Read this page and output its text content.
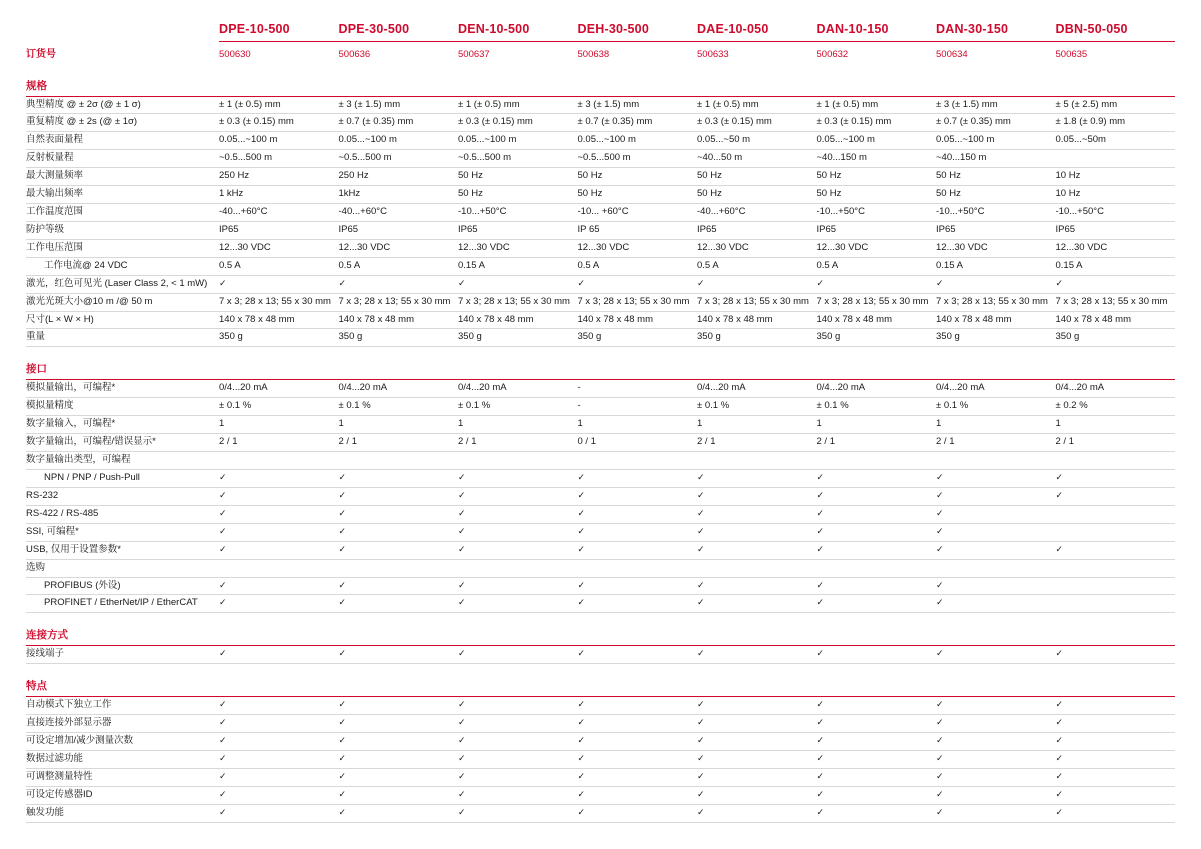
	DPE-10-500	DPE-30-500	DEN-10-500	DEH-30-500	DAE-10-050	DAN-10-150	DAN-30-150	DBN-50-050
订货号	500630	500636	500637	500638	500633	500632	500634	500635
规格								
典型精度 @ ± 2σ (@ ± 1 σ)	± 1 (± 0.5) mm	± 3 (± 1.5) mm	± 1 (± 0.5) mm	± 3 (± 1.5) mm	± 1 (± 0.5) mm	± 1 (± 0.5) mm	± 3 (± 1.5) mm	± 5 (± 2.5) mm
重复精度 @ ± 2s (@ ± 1σ)	± 0.3 (± 0.15) mm	± 0.7 (± 0.35) mm	± 0.3 (± 0.15) mm	± 0.7 (± 0.35) mm	± 0.3 (± 0.15) mm	± 0.3 (± 0.15) mm	± 0.7 (± 0.35) mm	± 1.8 (± 0.9) mm
自然表面量程	0.05...~100 m	0.05...~100 m	0.05...~100 m	0.05...~100 m	0.05...~50 m	0.05...~100 m	0.05...~100 m	0.05...~50m
反射板量程	~0.5...500 m	~0.5...500 m	~0.5...500 m	~0.5...500 m	~40...50 m	~40...150 m	~40...150 m	
最大测量频率	250 Hz	250 Hz	50 Hz	50 Hz	50 Hz	50 Hz	50 Hz	10 Hz
最大输出频率	1 kHz	1kHz	50 Hz	50 Hz	50 Hz	50 Hz	50 Hz	10 Hz
工作温度范围	-40...+60°C	-40...+60°C	-10...+50°C	-10... +60°C	-40...+60°C	-10...+50°C	-10...+50°C	-10...+50°C
防护等级	IP65	IP65	IP65	IP 65	IP65	IP65	IP65	IP65
工作电压范围	12...30 VDC	12...30 VDC	12...30 VDC	12...30 VDC	12...30 VDC	12...30 VDC	12...30 VDC	12...30 VDC
工作电流@ 24 VDC	0.5 A	0.5 A	0.15 A	0.5 A	0.5 A	0.5 A	0.15 A	0.15 A
激光，红色可见光 (Laser Class 2, < 1 mW)	✓	✓	✓	✓	✓	✓	✓	✓
激光光斑大小@10 m /@ 50 m	7 x 3; 28 x 13; 55 x 30 mm	7 x 3; 28 x 13; 55 x 30 mm	7 x 3; 28 x 13; 55 x 30 mm	7 x 3; 28 x 13; 55 x 30 mm	7 x 3; 28 x 13; 55 x 30 mm	7 x 3; 28 x 13; 55 x 30 mm	7 x 3; 28 x 13; 55 x 30 mm	7 x 3; 28 x 13; 55 x 30 mm
尺寸(L × W × H)	140 x 78 x 48 mm	140 x 78 x 48 mm	140 x 78 x 48 mm	140 x 78 x 48 mm	140 x 78 x 48 mm	140 x 78 x 48 mm	140 x 78 x 48 mm	140 x 78 x 48 mm
重量	350 g	350 g	350 g	350 g	350 g	350 g	350 g	350 g
接口								
模拟量输出，可编程*	0/4...20 mA	0/4...20 mA	0/4...20 mA	-	0/4...20 mA	0/4...20 mA	0/4...20 mA	0/4...20 mA
模拟量精度	± 0.1 %	± 0.1 %	± 0.1 %	-	± 0.1 %	± 0.1 %	± 0.1 %	± 0.2 %
数字量输入，可编程*	1	1	1	1	1	1	1	1
数字量输出，可编程/错误显示*	2 / 1	2 / 1	2 / 1	0 / 1	2 / 1	2 / 1	2 / 1	2 / 1
数字量输出类型，可编程								
NPN / PNP / Push-Pull	✓	✓	✓	✓	✓	✓	✓	✓
RS-232	✓	✓	✓	✓	✓	✓	✓	✓
RS-422 / RS-485	✓	✓	✓	✓	✓	✓	✓	
SSI, 可编程*	✓	✓	✓	✓	✓	✓	✓	
USB, 仅用于设置参数*	✓	✓	✓	✓	✓	✓	✓	✓
选购								
PROFIBUS (外设)	✓	✓	✓	✓	✓	✓	✓	
PROFINET / EtherNet/IP / EtherCAT	✓	✓	✓	✓	✓	✓	✓	
连接方式
接线端子	✓	✓	✓	✓	✓	✓	✓	✓
特点								
自动模式下独立工作	✓	✓	✓	✓	✓	✓	✓	✓
直接连接外部显示器	✓	✓	✓	✓	✓	✓	✓	✓
可设定增加/减少测量次数	✓	✓	✓	✓	✓	✓	✓	✓
数据过滤功能	✓	✓	✓	✓	✓	✓	✓	✓
可调整测量特性	✓	✓	✓	✓	✓	✓	✓	✓
可设定传感器ID	✓	✓	✓	✓	✓	✓	✓	✓
触发功能	✓	✓	✓	✓	✓	✓	✓	✓
